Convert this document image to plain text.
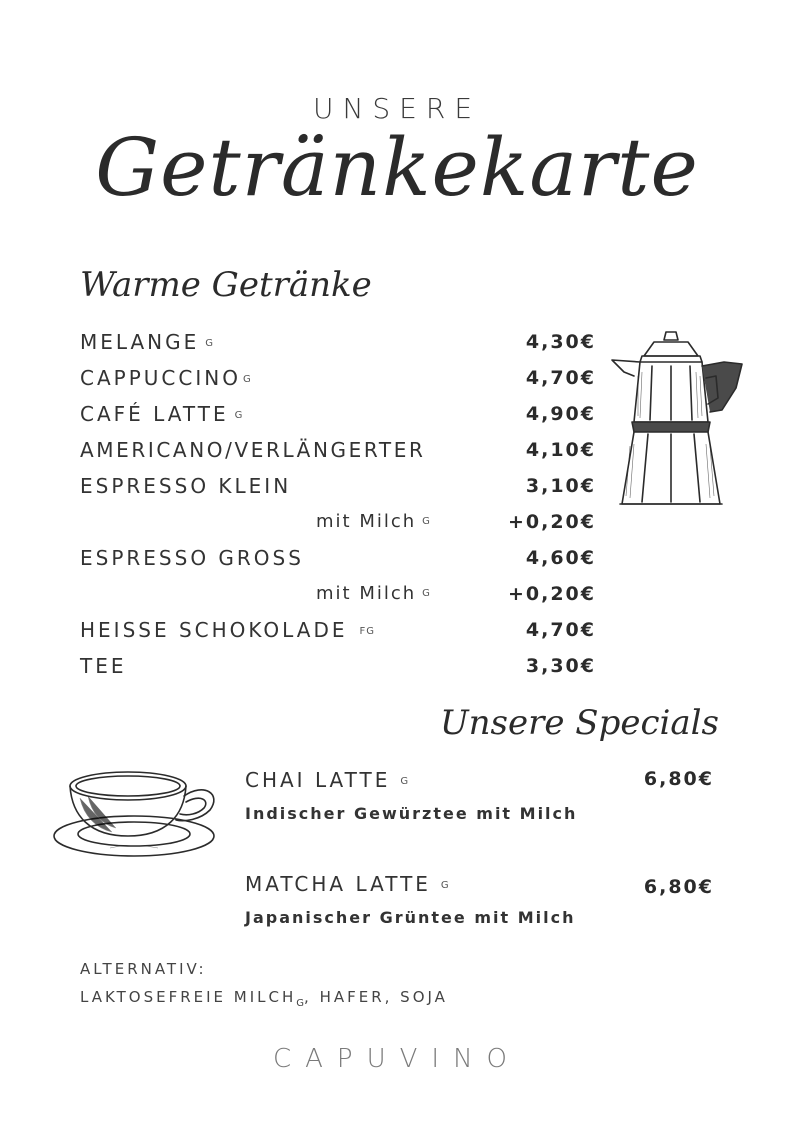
UNSERE
Getränkekarte
Warme Getränke
MELANGE G	4,30€
CAPPUCCINO G	4,70€
CAFÉ LATTE G	4,90€
AMERICANO/VERLÄNGERTER	4,10€
ESPRESSO KLEIN	3,10€
mit Milch G	+0,20€
ESPRESSO GROSS	4,60€
mit Milch G	+0,20€
HEISSE SCHOKOLADE FG	4,70€
TEE	3,30€
Unsere Specials
CHAI LATTE G	6,80€
Indischer Gewürztee mit Milch
MATCHA LATTE G	6,80€
Japanischer Grüntee mit Milch
ALTERNATIV:
LAKTOSEFREIE $MILCH_G$, HAFER, SOJA
CAPUVINO
